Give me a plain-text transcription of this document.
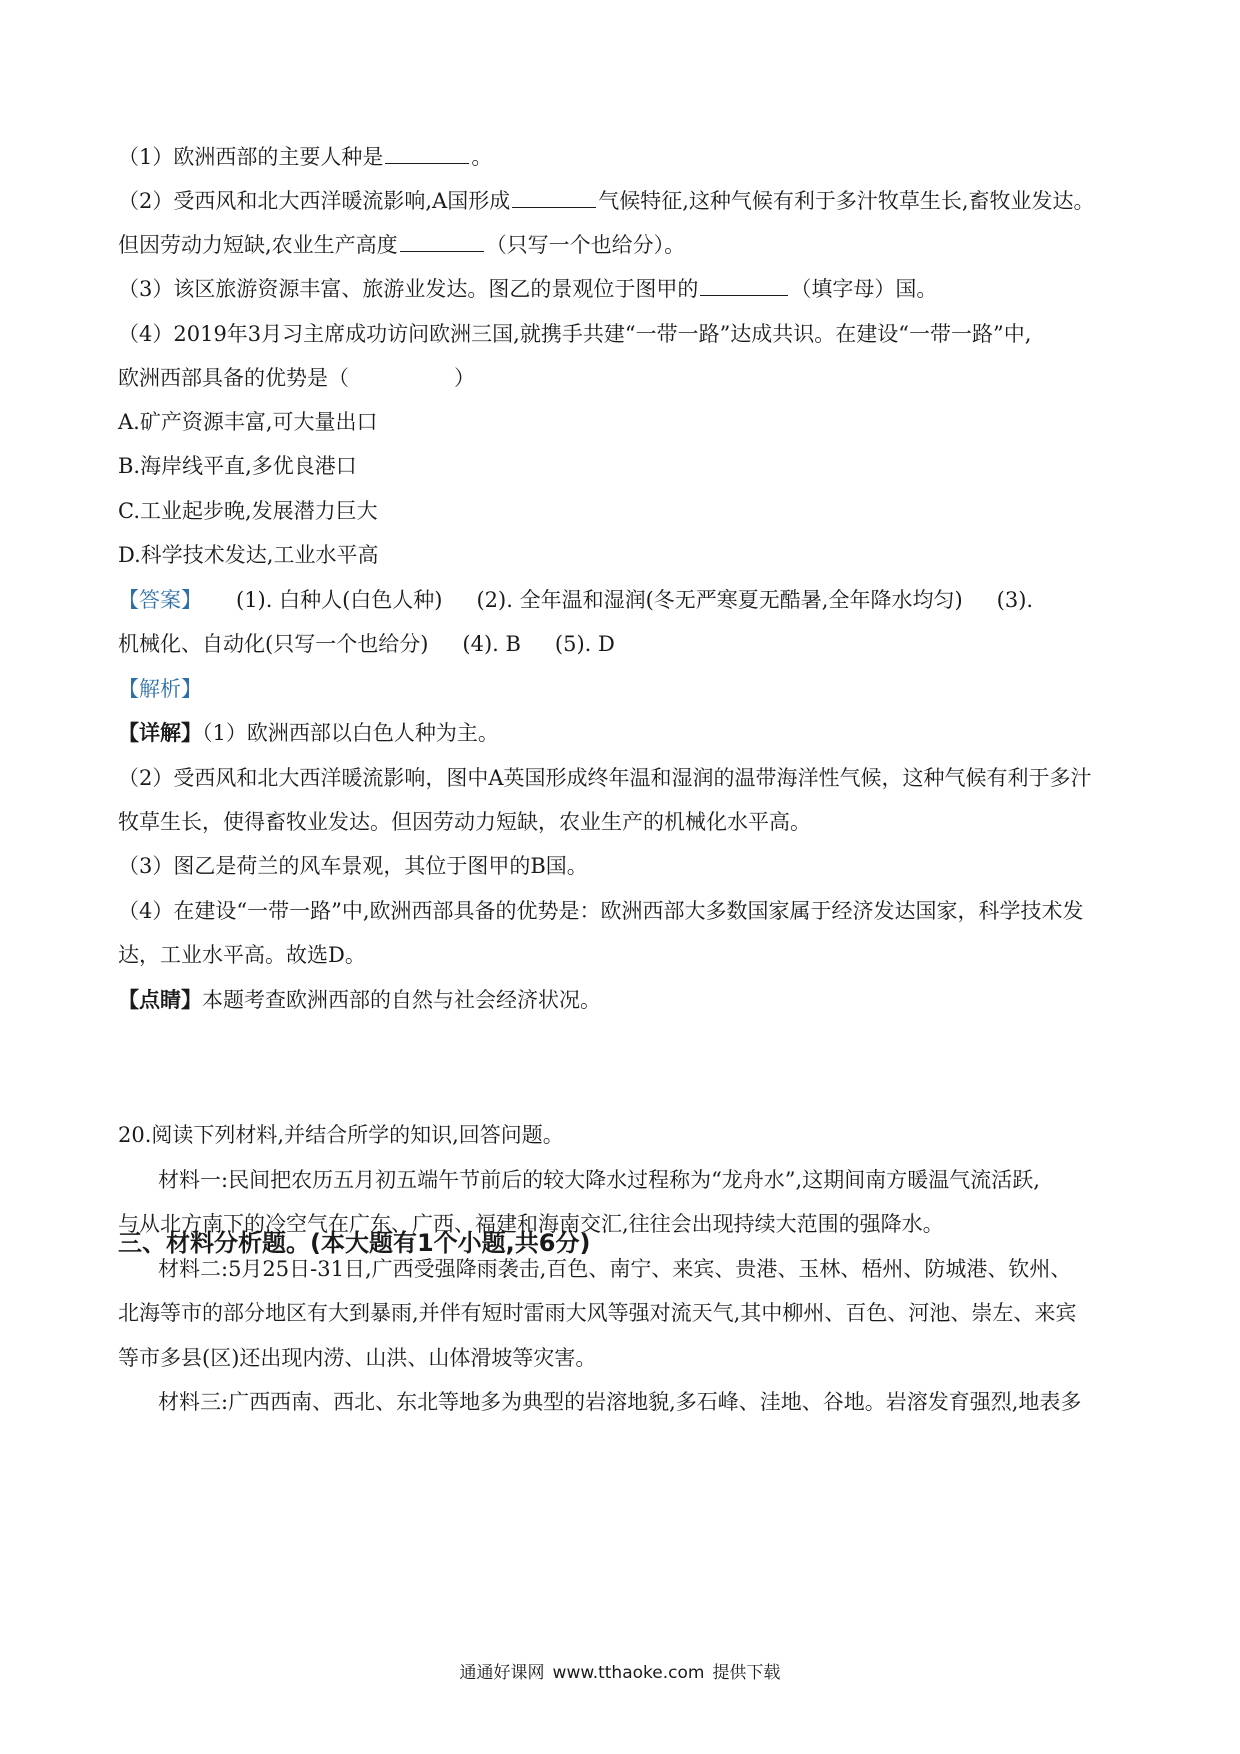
（1）欧洲西部的主要人种是	。
（2）受西风和北大西洋暖流影响,A国形成	气候特征,这种气候有利于多汁牧草生长,畜牧业发达。
但因劳动力短缺,农业生产高度	（只写一个也给分）。
（3）该区旅游资源丰富、旅游业发达。图乙的景观位于图甲的	（填字母）国。
（4）2019年3月习主席成功访问欧洲三国,就携手共建“一带一路”达成共识。在建设“一带一路”中,
欧洲西部具备的优势是（　　　　　）
A.矿产资源丰富,可大量出口
B.海岸线平直,多优良港口
C.工业起步晚,发展潜力巨大
D.科学技术发达,工业水平高
【答案】 (1). 白种人(白色人种) (2). 全年温和湿润(冬无严寒夏无酷暑,全年降水均匀) (3).
机械化、自动化(只写一个也给分) (4). B (5). D
【解析】
【详解】（1）欧洲西部以白色人种为主。
（2）受西风和北大西洋暖流影响，图中A英国形成终年温和湿润的温带海洋性气候，这种气候有利于多汁
牧草生长，使得畜牧业发达。但因劳动力短缺，农业生产的机械化水平高。
（3）图乙是荷兰的风车景观，其位于图甲的B国。
（4）在建设“一带一路”中,欧洲西部具备的优势是：欧洲西部大多数国家属于经济发达国家，科学技术发
达，工业水平高。故选D。
【点睛】本题考查欧洲西部的自然与社会经济状况。
三、材料分析题。(本大题有1个小题,共6分)
20.阅读下列材料,并结合所学的知识,回答问题。
材料一:民间把农历五月初五端午节前后的较大降水过程称为“龙舟水”,这期间南方暖温气流活跃,
与从北方南下的冷空气在广东、广西、福建和海南交汇,往往会出现持续大范围的强降水。
材料二:5月25日-31日,广西受强降雨袭击,百色、南宁、来宾、贵港、玉林、梧州、防城港、钦州、
北海等市的部分地区有大到暴雨,并伴有短时雷雨大风等强对流天气,其中柳州、百色、河池、崇左、来宾
等市多县(区)还出现内涝、山洪、山体滑坡等灾害。
材料三:广西西南、西北、东北等地多为典型的岩溶地貌,多石峰、洼地、谷地。岩溶发育强烈,地表多
通通好课网 www.tthaoke.com 提供下载
